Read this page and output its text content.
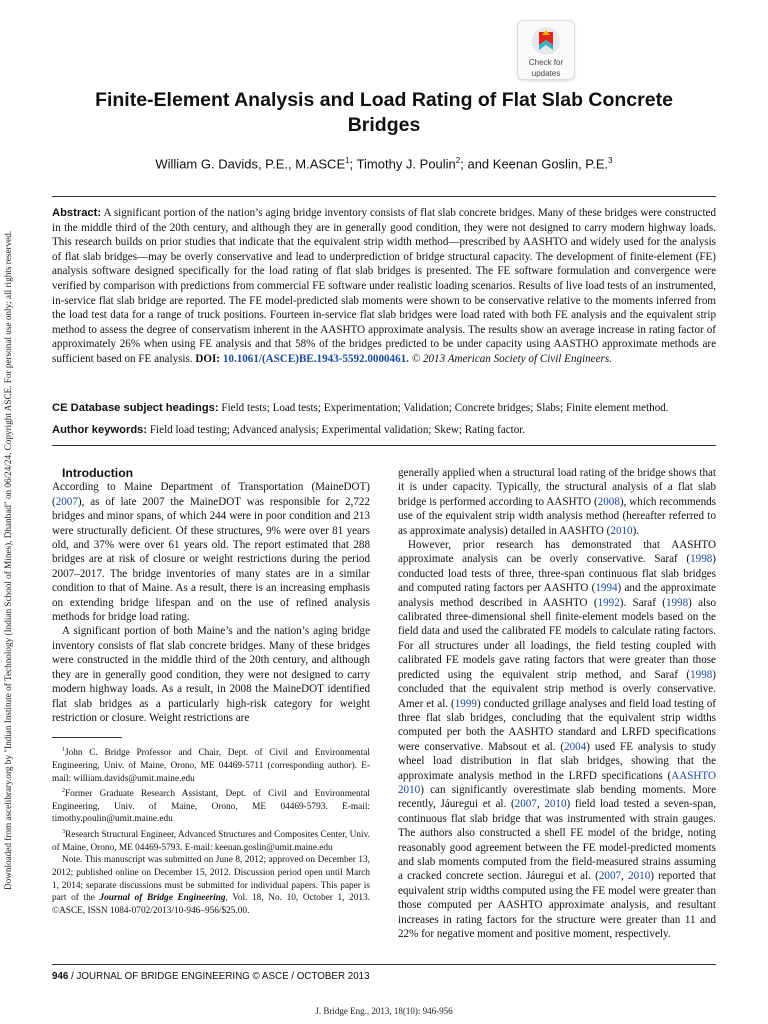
Downloaded from ascelibrary.org by "Indian Institute of Technology (Indian School of Mines), Dhanbad" on 06/24/24. Copyright ASCE. For personal use only; all rights reserved.
Check for
updates
Finite-Element Analysis and Load Rating of Flat Slab Concrete Bridges
William G. Davids, P.E., M.ASCE$^1$; Timothy J. Poulin$^2$; and Keenan Goslin, P.E.$^3$

Abstract: A significant portion of the nation’s aging bridge inventory consists of flat slab concrete bridges. Many of these bridges were constructed in the middle third of the 20th century, and although they are in generally good condition, they were not designed to carry modern highway loads. This research builds on prior studies that indicate that the equivalent strip width method—prescribed by AASHTO and widely used for the analysis of flat slab bridges—may be overly conservative and lead to underprediction of bridge structural capacity. The development of finite-element (FE) analysis software designed specifically for the load rating of flat slab bridges is presented. The FE software formulation and convergence were verified by comparison with predictions from commercial FE software under realistic loading scenarios. Results of live load tests of an instrumented, in-service flat slab bridge are reported. The FE model-predicted slab moments were shown to be conservative relative to the moments inferred from the load test data for a range of truck positions. Fourteen in-service flat slab bridges were load rated with both FE analysis and the equivalent strip method to assess the degree of conservatism inherent in the AASHTO approximate analysis. The results show an average increase in rating factor of approximately 26% when using FE analysis and that 58% of the bridges predicted to be under capacity using AASTHO approximate methods are sufficient based on FE analysis. DOI: 10.1061/(ASCE)BE.1943-5592.0000461. © 2013 American Society of Civil Engineers.

CE Database subject headings: Field tests; Load tests; Experimentation; Validation; Concrete bridges; Slabs; Finite element method.

Author keywords: Field load testing; Advanced analysis; Experimental validation; Skew; Rating factor.

Introduction

According to Maine Department of Transportation (MaineDOT) (2007), as of late 2007 the MaineDOT was responsible for 2,722 bridges and minor spans, of which 244 were in poor condition and 213 were structurally deficient. Of these structures, 9% were over 81 years old, and 37% were over 61 years old. The report estimated that 288 bridges are at risk of closure or weight restrictions during the period 2007–2017. The bridge inventories of many states are in a similar condition to that of Maine. As a result, there is an increasing emphasis on extending bridge lifespan and on the use of refined analysis methods for bridge load rating.

A significant portion of both Maine’s and the nation’s aging bridge inventory consists of flat slab concrete bridges. Many of these bridges were constructed in the middle third of the 20th century, and although they are in generally good condition, they were not designed to carry modern highway loads. As a result, in 2008 the MaineDOT identified flat slab bridges as a particularly high-risk category for weight restriction or closure. Weight restrictions are

$^1$John C. Bridge Professor and Chair, Dept. of Civil and Environmental Engineering, Univ. of Maine, Orono, ME 04469-5711 (corresponding author). E-mail: william.davids@umit.maine.edu

$^2$Former Graduate Research Assistant, Dept. of Civil and Environmental Engineering, Univ. of Maine, Orono, ME 04469-5793. E-mail: timothy.poulin@umit.maine.edu

$^3$Research Structural Engineer, Advanced Structures and Composites Center, Univ. of Maine, Orono, ME 04469-5793. E-mail: keenan.goslin@umit.maine.edu

Note. This manuscript was submitted on June 8, 2012; approved on December 13, 2012; published online on December 15, 2012. Discussion period open until March 1, 2014; separate discussions must be submitted for individual papers. This paper is part of the Journal of Bridge Engineering, Vol. 18, No. 10, October 1, 2013. ©ASCE, ISSN 1084-0702/2013/10-946–956/$25.00.

generally applied when a structural load rating of the bridge shows that it is under capacity. Typically, the structural analysis of a flat slab bridge is performed according to AASHTO (2008), which recommends use of the equivalent strip width analysis method (hereafter referred to as approximate analysis) detailed in AASHTO (2010).

However, prior research has demonstrated that AASHTO approximate analysis can be overly conservative. Saraf (1998) conducted load tests of three, three-span continuous flat slab bridges and computed rating factors per AASHTO (1994) and the approximate analysis method described in AASHTO (1992). Saraf (1998) also calibrated three-dimensional shell finite-element models based on the field data and used the calibrated FE models to calculate rating factors. For all structures under all loadings, the field testing coupled with calibrated FE models gave rating factors that were greater than those predicted using the equivalent strip method, and Saraf (1998) concluded that the equivalent strip method is overly conservative. Amer et al. (1999) conducted grillage analyses and field load testing of three flat slab bridges, concluding that the equivalent strip widths computed per both the AASHTO standard and LRFD specifications were conservative. Mabsout et al. (2004) used FE analysis to study wheel load distribution in flat slab bridges, showing that the approximate analysis method in the LRFD specifications (AASHTO 2010) can significantly overestimate slab bending moments. More recently, Jáuregui et al. (2007, 2010) field load tested a seven-span, continuous flat slab bridge that was instrumented with strain gauges. The authors also constructed a shell FE model of the bridge, noting reasonably good agreement between the FE model-predicted moments and slab moments computed from the field-measured strains assuming a cracked concrete section. Jáuregui et al. (2007, 2010) reported that equivalent strip widths computed using the FE model were greater than those computed per AASHTO approximate analysis, and resultant increases in rating factors for the structure were greater than 11 and 22% for negative moment and positive moment, respectively.

946 / JOURNAL OF BRIDGE ENGINEERING © ASCE / OCTOBER 2013
J. Bridge Eng., 2013, 18(10): 946-956
